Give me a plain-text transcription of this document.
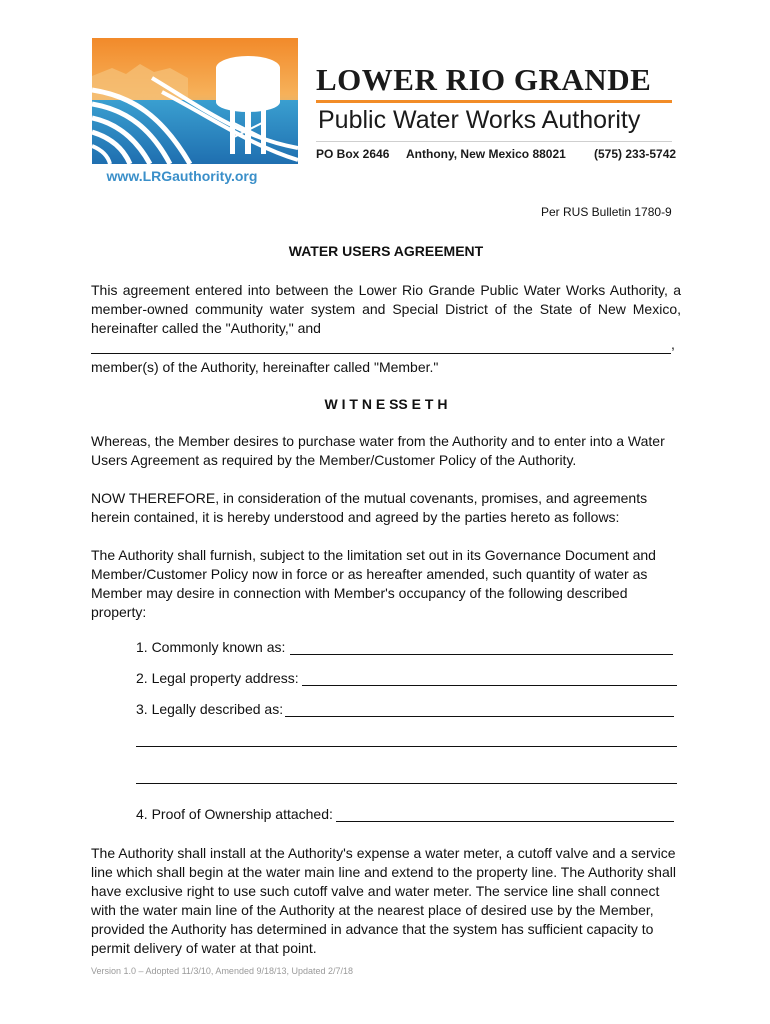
www.LRGauthority.org
LOWER RIO GRANDE
Public Water Works Authority
PO Box 2646 Anthony, New Mexico 88021 (575) 233-5742
Per RUS Bulletin 1780-9
WATER USERS AGREEMENT
This agreement entered into between the Lower Rio Grande Public Water Works Authority, a member-owned community water system and Special District of the State of New Mexico, hereinafter called the "Authority," and
,
member(s) of the Authority, hereinafter called "Member."
W I T N E SS E T H
Whereas, the Member desires to purchase water from the Authority and to enter into a Water Users Agreement as required by the Member/Customer Policy of the Authority.
NOW THEREFORE, in consideration of the mutual covenants, promises, and agreements herein contained, it is hereby understood and agreed by the parties hereto as follows:
The Authority shall furnish, subject to the limitation set out in its Governance Document and Member/Customer Policy now in force or as hereafter amended, such quantity of water as Member may desire in connection with Member's occupancy of the following described property:
1. Commonly known as:
2. Legal property address:
3. Legally described as:
4. Proof of Ownership attached:
The Authority shall install at the Authority's expense a water meter, a cutoff valve and a service line which shall begin at the water main line and extend to the property line. The Authority shall have exclusive right to use such cutoff valve and water meter. The service line shall connect with the water main line of the Authority at the nearest place of desired use by the Member, provided the Authority has determined in advance that the system has sufficient capacity to permit delivery of water at that point.
Version 1.0 – Adopted 11/3/10, Amended 9/18/13, Updated 2/7/18
